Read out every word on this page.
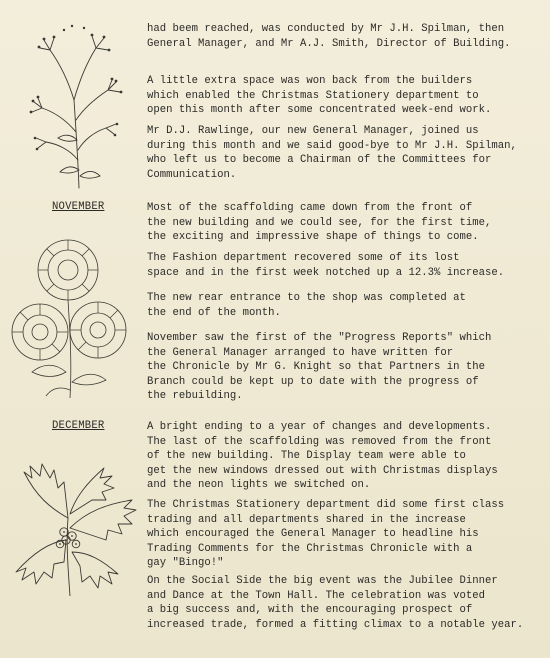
had beem reached, was conducted by Mr J.H. Spilman, then
General Manager, and Mr A.J. Smith, Director of Building.
A little extra space was won back from the builders
which enabled the Christmas Stationery department to
open this month after some concentrated week-end work.
Mr D.J. Rawlinge, our new General Manager, joined us
during this month and we said good-bye to Mr J.H. Spilman,
who left us to become a Chairman of the Committees for
Communication.
NOVEMBER	Most of the scaffolding came down from the front of
the new building and we could see, for the first time,
the exciting and impressive shape of things to come.
The Fashion department recovered some of its lost
space and in the first week notched up a 12.3% increase.
The new rear entrance to the shop was completed at
the end of the month.
November saw the first of the "Progress Reports" which
the General Manager arranged to have written for
the Chronicle by Mr G. Knight so that Partners in the
Branch could be kept up to date with the progress of
the rebuilding.
DECEMBER	A bright ending to a year of changes and developments.
The last of the scaffolding was removed from the front
of the new building. The Display team were able to
get the new windows dressed out with Christmas displays
and the neon lights we switched on.
The Christmas Stationery department did some first class
trading and all departments shared in the increase
which encouraged the General Manager to headline his
Trading Comments for the Christmas Chronicle with a
gay "Bingo!"
On the Social Side the big event was the Jubilee Dinner
and Dance at the Town Hall. The celebration was voted
a big success and, with the encouraging prospect of
increased trade, formed a fitting climax to a notable year.
